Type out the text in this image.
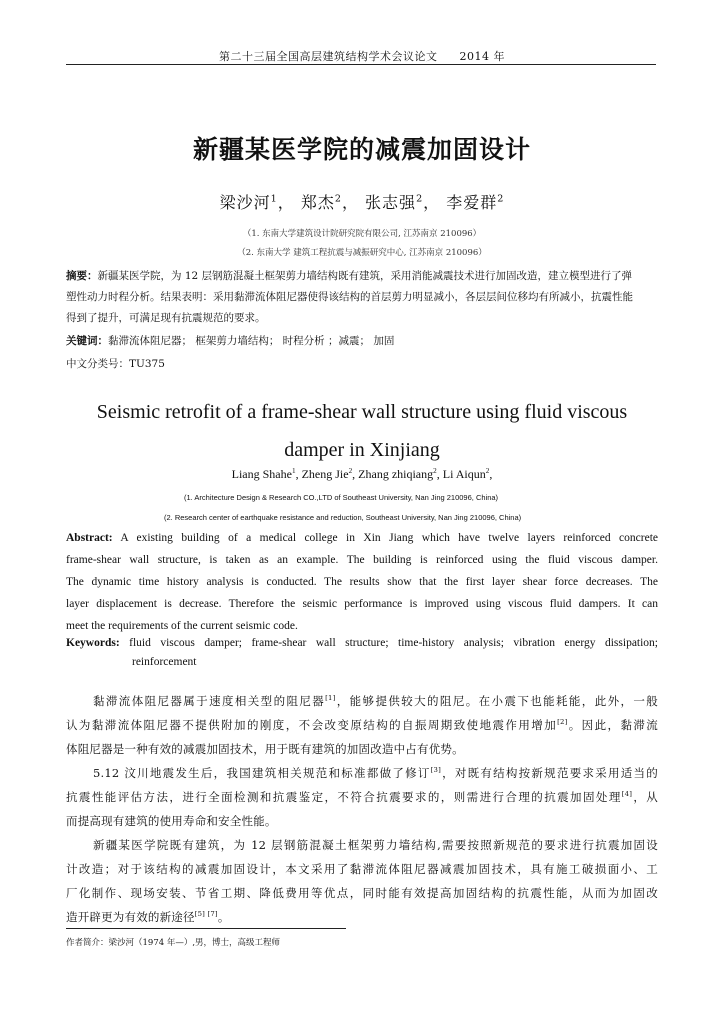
第二十三届全国高层建筑结构学术会议论文 2014 年
新疆某医学院的减震加固设计
梁沙河$^1$， 郑杰$^2$， 张志强$^2$， 李爱群$^2$
（1. 东南大学建筑设计院研究院有限公司, 江苏南京 210096）
（2. 东南大学 建筑工程抗震与减振研究中心, 江苏南京 210096）
摘要：新疆某医学院，为 12 层钢筋混凝土框架剪力墙结构既有建筑，采用消能减震技术进行加固改造，建立模型进行了弹
塑性动力时程分析。结果表明：采用黏滞流体阻尼器使得该结构的首层剪力明显减小，各层层间位移均有所减小，抗震性能
得到了提升，可满足现有抗震规范的要求。
关键词：黏滞流体阻尼器； 框架剪力墙结构； 时程分析 ；减震； 加固
中文分类号：TU375
Seismic retrofit of a frame-shear wall structure using fluid viscous
damper in Xinjiang
Liang Shahe$^1$, Zheng Jie$^2$, Zhang zhiqiang$^2$, Li Aiqun$^2$,
(1. Architecture Design & Research CO.,LTD of Southeast University, Nan Jing 210096, China)
(2. Research center of earthquake resistance and reduction, Southeast University, Nan Jing 210096, China)
Abstract: A existing building of a medical college in Xin Jiang which have twelve layers reinforced concrete
frame-shear wall structure, is taken as an example. The building is reinforced using the fluid viscous damper.
The dynamic time history analysis is conducted. The results show that the first layer shear force decreases. The
layer displacement is decrease. Therefore the seismic performance is improved using viscous fluid dampers. It can
meet the requirements of the current seismic code.
Keywords: fluid viscous damper; frame-shear wall structure; time-history analysis; vibration energy dissipation;
reinforcement
黏滞流体阻尼器属于速度相关型的阻尼器[1]，能够提供较大的阻尼。在小震下也能耗能，此外，一般
认为黏滞流体阻尼器不提供附加的刚度，不会改变原结构的自振周期致使地震作用增加[2]。因此，黏滞流
体阻尼器是一种有效的减震加固技术，用于既有建筑的加固改造中占有优势。
5.12 汶川地震发生后，我国建筑相关规范和标准都做了修订[3]，对既有结构按新规范要求采用适当的
抗震性能评估方法，进行全面检测和抗震鉴定，不符合抗震要求的，则需进行合理的抗震加固处理[4]，从
而提高现有建筑的使用寿命和安全性能。
新疆某医学院既有建筑，为 12 层钢筋混凝土框架剪力墙结构,需要按照新规范的要求进行抗震加固设
计改造；对于该结构的减震加固设计，本文采用了黏滞流体阻尼器减震加固技术，具有施工破损面小、工
厂化制作、现场安装、节省工期、降低费用等优点，同时能有效提高加固结构的抗震性能，从而为加固改
造开辟更为有效的新途径[5] [7]。
作者简介：梁沙河（1974 年—）,男，博士，高级工程师
